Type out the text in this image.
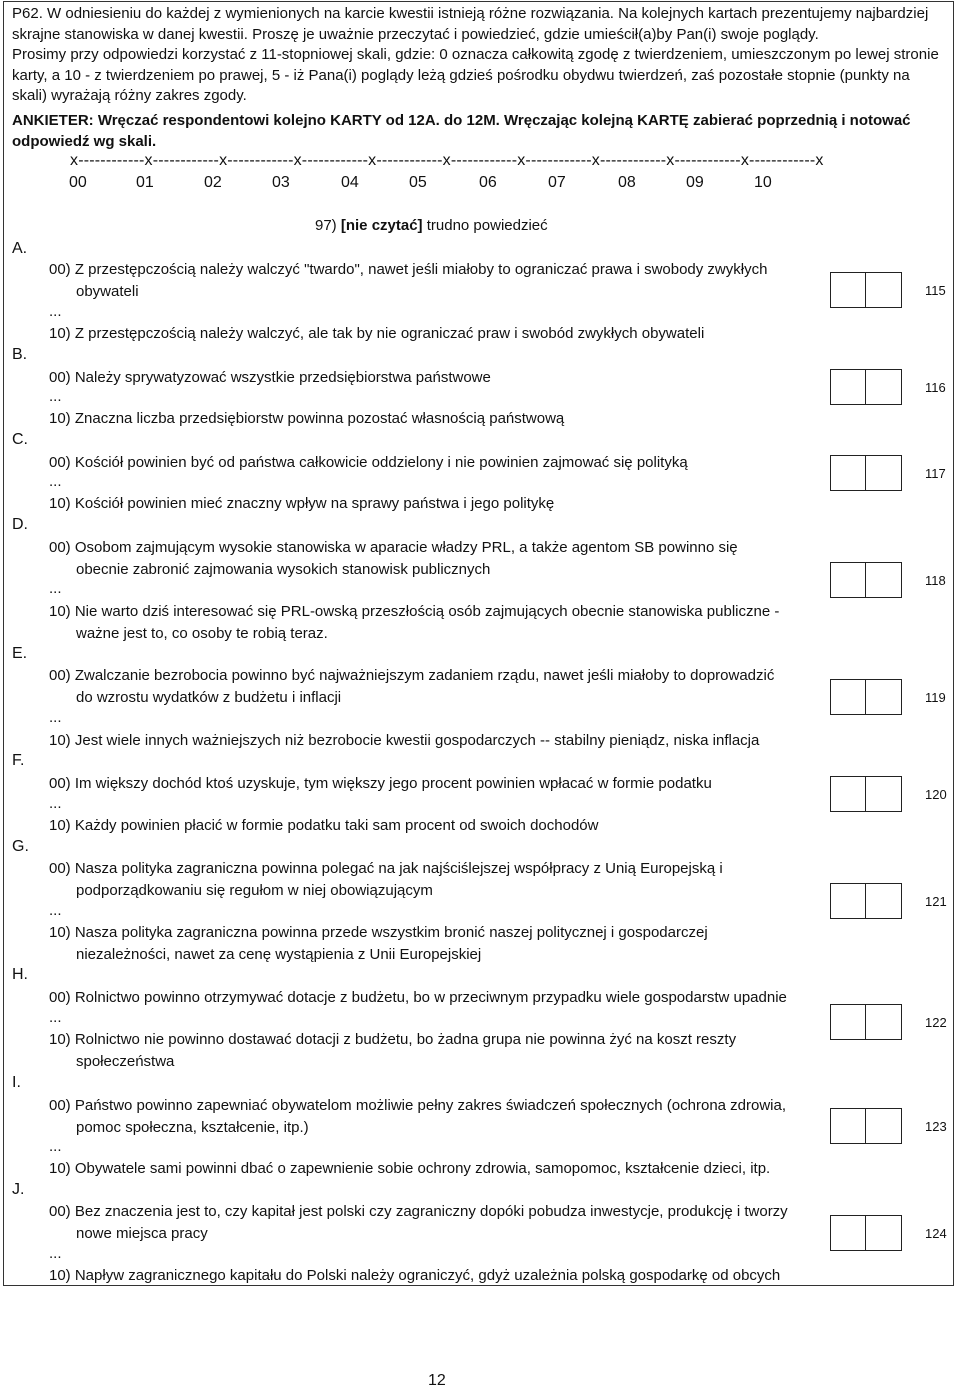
P62. W odniesieniu do każdej z wymienionych na karcie kwestii istnieją różne rozwiązania. Na kolejnych kartach prezentujemy najbardziej skrajne stanowiska w danej kwestii. Proszę je uważnie przeczytać i powiedzieć, gdzie umieścił(a)by Pan(i) swoje poglądy.

Prosimy przy odpowiedzi korzystać z 11-stopniowej skali, gdzie: 0 oznacza całkowitą zgodę z twierdzeniem, umieszczonym po lewej stronie karty, a 10 - z twierdzeniem po prawej, 5 - iż Pana(i) poglądy leżą gdzieś pośrodku obydwu twierdzeń, zaś pozostałe stopnie (punkty na skali) wyrażają różny zakres zgody.

ANKIETER: Wręczać respondentowi kolejno KARTY od 12A. do 12M. Wręczając kolejną KARTĘ zabierać poprzednią i notować odpowiedź wg skali.
x------------x------------x------------x------------x------------x------------x------------x------------x------------x------------x
00	01	02	03	04	05	06	07	08	09	10
97) [nie czytać] trudno powiedzieć
A.
00) Z przestępczością należy walczyć "twardo", nawet jeśli miałoby to ograniczać prawa i swobody zwykłych
obywateli
...
10) Z przestępczością należy walczyć, ale tak by nie ograniczać praw i swobód zwykłych obywateli
115
B.
00) Należy sprywatyzować wszystkie przedsiębiorstwa państwowe
...
10) Znaczna liczba przedsiębiorstw powinna pozostać własnością państwową
116
C.
00) Kościół powinien być od państwa całkowicie oddzielony i nie powinien zajmować się polityką
...
10) Kościół powinien mieć znaczny wpływ na sprawy państwa i jego politykę
117
D.
00) Osobom zajmującym wysokie stanowiska w aparacie władzy PRL, a także agentom SB powinno się
obecnie zabronić zajmowania wysokich stanowisk publicznych
...
10) Nie warto dziś interesować się PRL-owską przeszłością osób zajmujących obecnie stanowiska publiczne -
ważne jest to, co osoby te robią teraz.
118
E.
00) Zwalczanie bezrobocia powinno być najważniejszym zadaniem rządu, nawet jeśli miałoby to doprowadzić
do wzrostu wydatków z budżetu i inflacji
...
10) Jest wiele innych ważniejszych niż bezrobocie kwestii gospodarczych -- stabilny pieniądz, niska inflacja
119
F.
00) Im większy dochód ktoś uzyskuje, tym większy jego procent powinien wpłacać w formie podatku
...
10) Każdy powinien płacić w formie podatku taki sam procent od swoich dochodów
120
G.
00) Nasza polityka zagraniczna powinna polegać na jak najściślejszej współpracy z Unią Europejską i
podporządkowaniu się regułom w niej obowiązującym
...
10) Nasza polityka zagraniczna powinna przede wszystkim bronić naszej politycznej i gospodarczej
niezależności, nawet za cenę wystąpienia z Unii Europejskiej
121
H.
00) Rolnictwo powinno otrzymywać dotacje z budżetu, bo w przeciwnym przypadku wiele gospodarstw upadnie
...
10) Rolnictwo nie powinno dostawać dotacji z budżetu, bo żadna grupa nie powinna żyć na koszt reszty
społeczeństwa
122
I.
00) Państwo powinno zapewniać obywatelom możliwie pełny zakres świadczeń społecznych (ochrona zdrowia,
pomoc społeczna, kształcenie, itp.)
...
10) Obywatele sami powinni dbać o zapewnienie sobie ochrony zdrowia, samopomoc, kształcenie dzieci, itp.
123
J.
00) Bez znaczenia jest to, czy kapitał jest polski czy zagraniczny dopóki pobudza inwestycje, produkcję i tworzy
nowe miejsca pracy
...
10) Napływ zagranicznego kapitału do Polski należy ograniczyć, gdyż uzależnia polską gospodarkę od obcych
124
12
